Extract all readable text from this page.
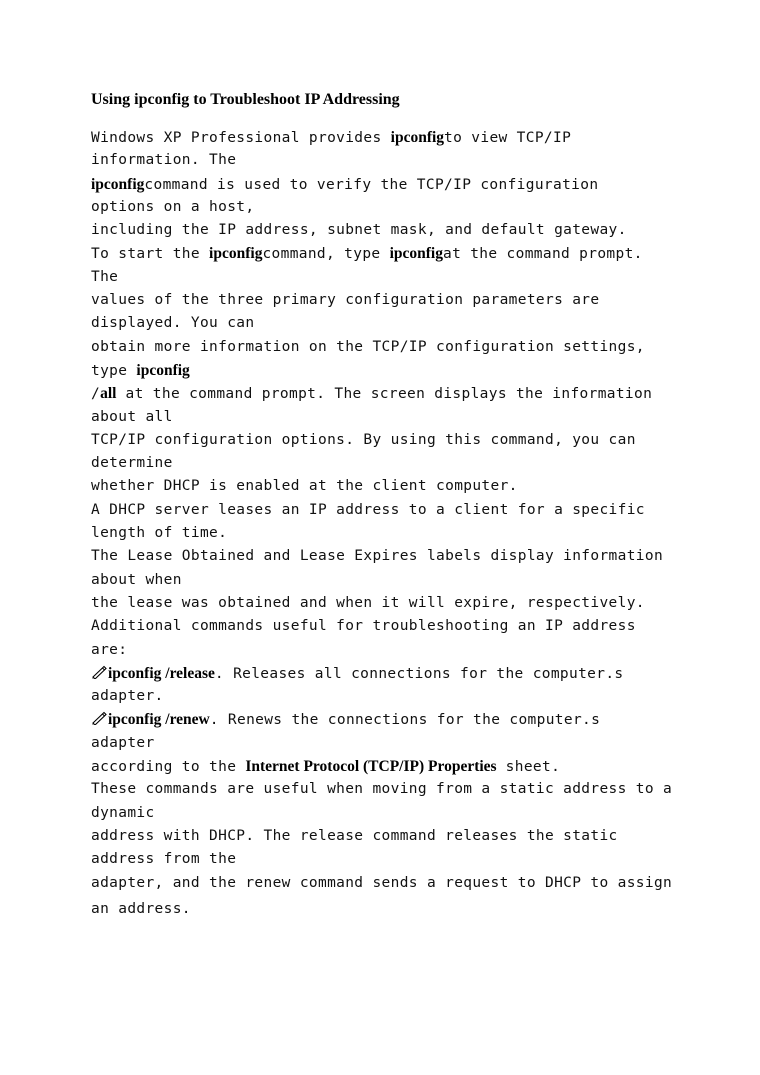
Using ipconfig to Troubleshoot IP Addressing
Windows XP Professional provides ipconfigto view TCP/IP
information. The
ipconfigcommand is used to verify the TCP/IP configuration
options on a host,
including the IP address, subnet mask, and default gateway.
To start the ipconfigcommand, type ipconfigat the command prompt.
The
values of the three primary configuration parameters are
displayed. You can
obtain more information on the TCP/IP configuration settings,
type ipconfig
/all at the command prompt. The screen displays the information
about all
TCP/IP configuration options. By using this command, you can
determine
whether DHCP is enabled at the client computer.
A DHCP server leases an IP address to a client for a specific
length of time.
The Lease Obtained and Lease Expires labels display information
about when
the lease was obtained and when it will expire, respectively.
Additional commands useful for troubleshooting an IP address
are:
ipconfig /release. Releases all connections for the computer.s
adapter.
ipconfig /renew. Renews the connections for the computer.s
adapter
according to the Internet Protocol (TCP/IP) Properties sheet.
These commands are useful when moving from a static address to a
dynamic
address with DHCP. The release command releases the static
address from the
adapter, and the renew command sends a request to DHCP to assign
an address.
